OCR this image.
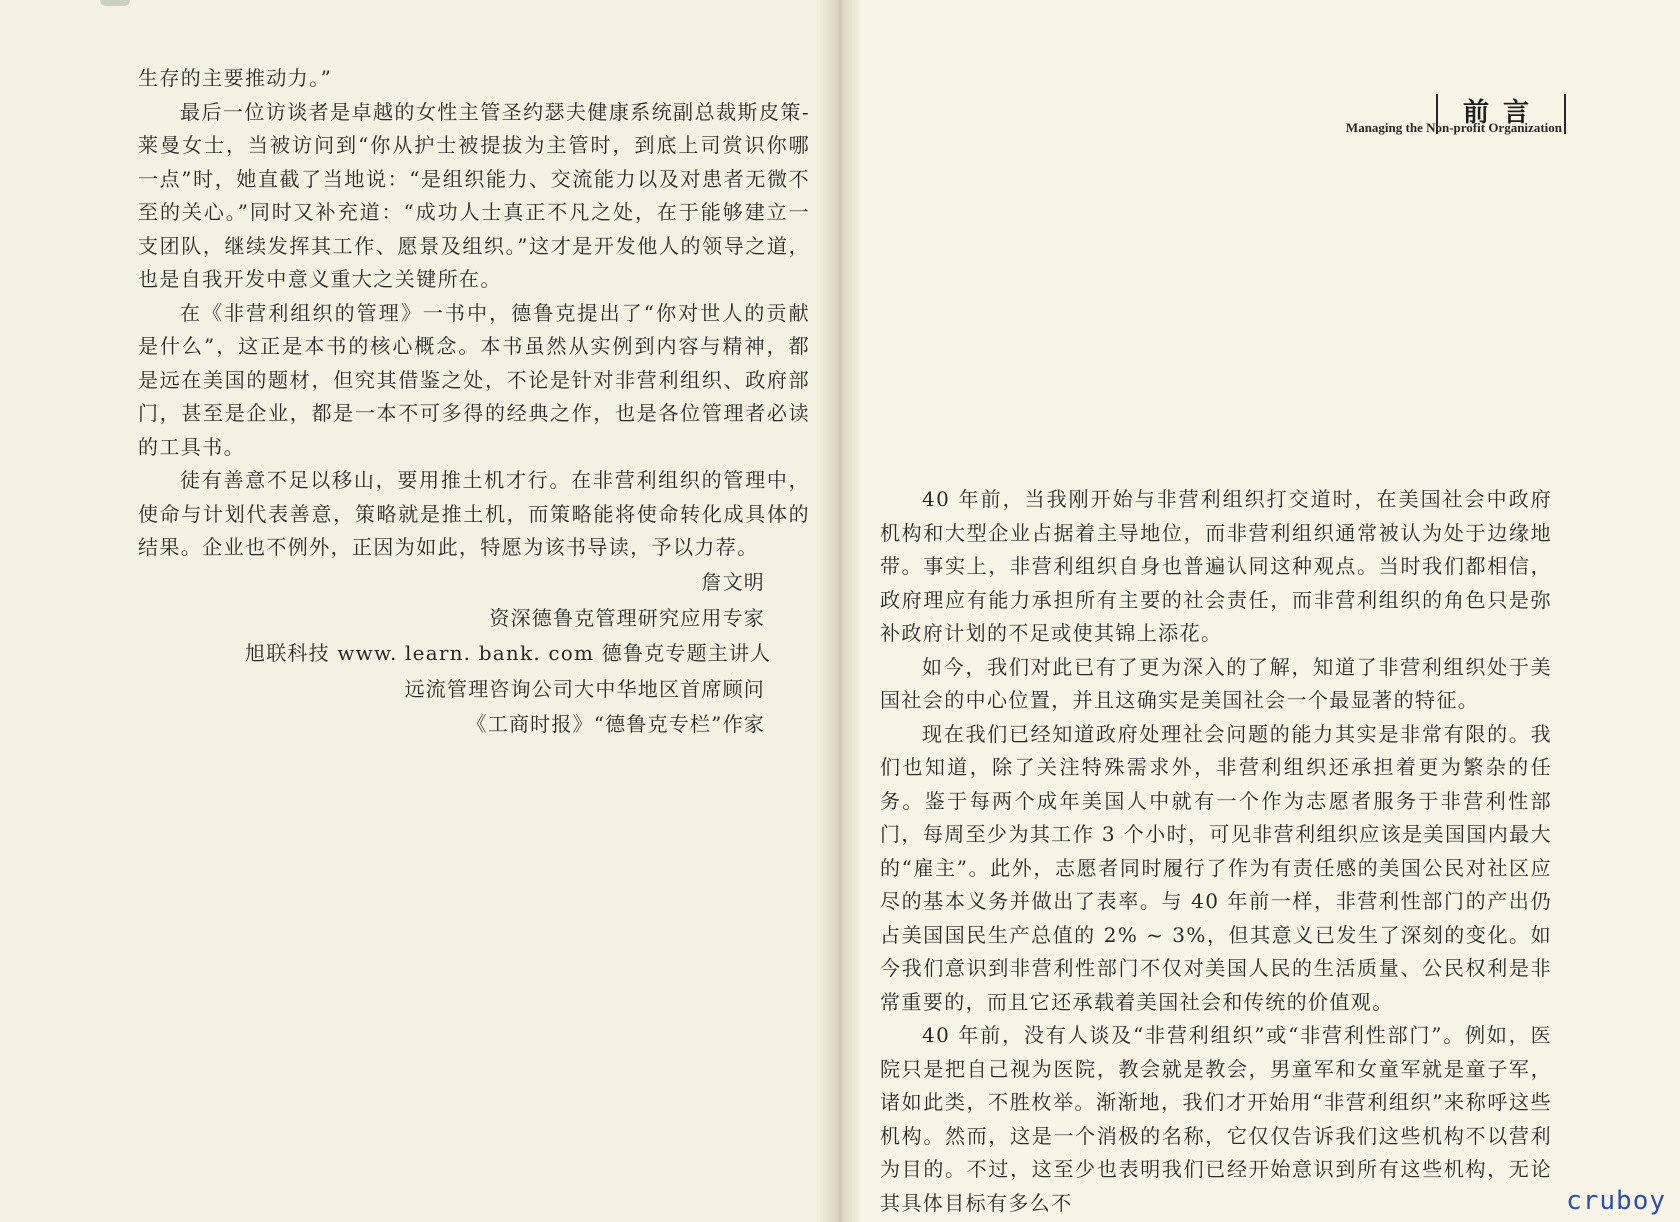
生存的主要推动力。”

最后一位访谈者是卓越的女性主管圣约瑟夫健康系统副总裁斯皮策-莱曼女士，当被访问到“你从护士被提拔为主管时，到底上司赏识你哪一点”时，她直截了当地说：“是组织能力、交流能力以及对患者无微不至的关心。”同时又补充道：“成功人士真正不凡之处，在于能够建立一支团队，继续发挥其工作、愿景及组织。”这才是开发他人的领导之道，也是自我开发中意义重大之关键所在。

在《非营利组织的管理》一书中，德鲁克提出了“你对世人的贡献是什么”，这正是本书的核心概念。本书虽然从实例到内容与精神，都是远在美国的题材，但究其借鉴之处，不论是针对非营利组织、政府部门，甚至是企业，都是一本不可多得的经典之作，也是各位管理者必读的工具书。

徒有善意不足以移山，要用推土机才行。在非营利组织的管理中，使命与计划代表善意，策略就是推土机，而策略能将使命转化成具体的结果。企业也不例外，正因为如此，特愿为该书导读，予以力荐。

詹文明
资深德鲁克管理研究应用专家
旭联科技 www. learn. bank. com 德鲁克专题主讲人
远流管理咨询公司大中华地区首席顾问
《工商时报》“德鲁克专栏”作家
前言
Managing the Non-profit Organization

40 年前，当我刚开始与非营利组织打交道时，在美国社会中政府机构和大型企业占据着主导地位，而非营利组织通常被认为处于边缘地带。事实上，非营利组织自身也普遍认同这种观点。当时我们都相信，政府理应有能力承担所有主要的社会责任，而非营利组织的角色只是弥补政府计划的不足或使其锦上添花。

如今，我们对此已有了更为深入的了解，知道了非营利组织处于美国社会的中心位置，并且这确实是美国社会一个最显著的特征。

现在我们已经知道政府处理社会问题的能力其实是非常有限的。我们也知道，除了关注特殊需求外，非营利组织还承担着更为繁杂的任务。鉴于每两个成年美国人中就有一个作为志愿者服务于非营利性部门，每周至少为其工作 3 个小时，可见非营利组织应该是美国国内最大的“雇主”。此外，志愿者同时履行了作为有责任感的美国公民对社区应尽的基本义务并做出了表率。与 40 年前一样，非营利性部门的产出仍占美国国民生产总值的 2% ~ 3%，但其意义已发生了深刻的变化。如今我们意识到非营利性部门不仅对美国人民的生活质量、公民权利是非常重要的，而且它还承载着美国社会和传统的价值观。

40 年前，没有人谈及“非营利组织”或“非营利性部门”。例如，医院只是把自己视为医院，教会就是教会，男童军和女童军就是童子军，诸如此类，不胜枚举。渐渐地，我们才开始用“非营利组织”来称呼这些机构。然而，这是一个消极的名称，它仅仅告诉我们这些机构不以营利为目的。不过，这至少也表明我们已经开始意识到所有这些机构，无论其具体目标有多么不	cruboy
